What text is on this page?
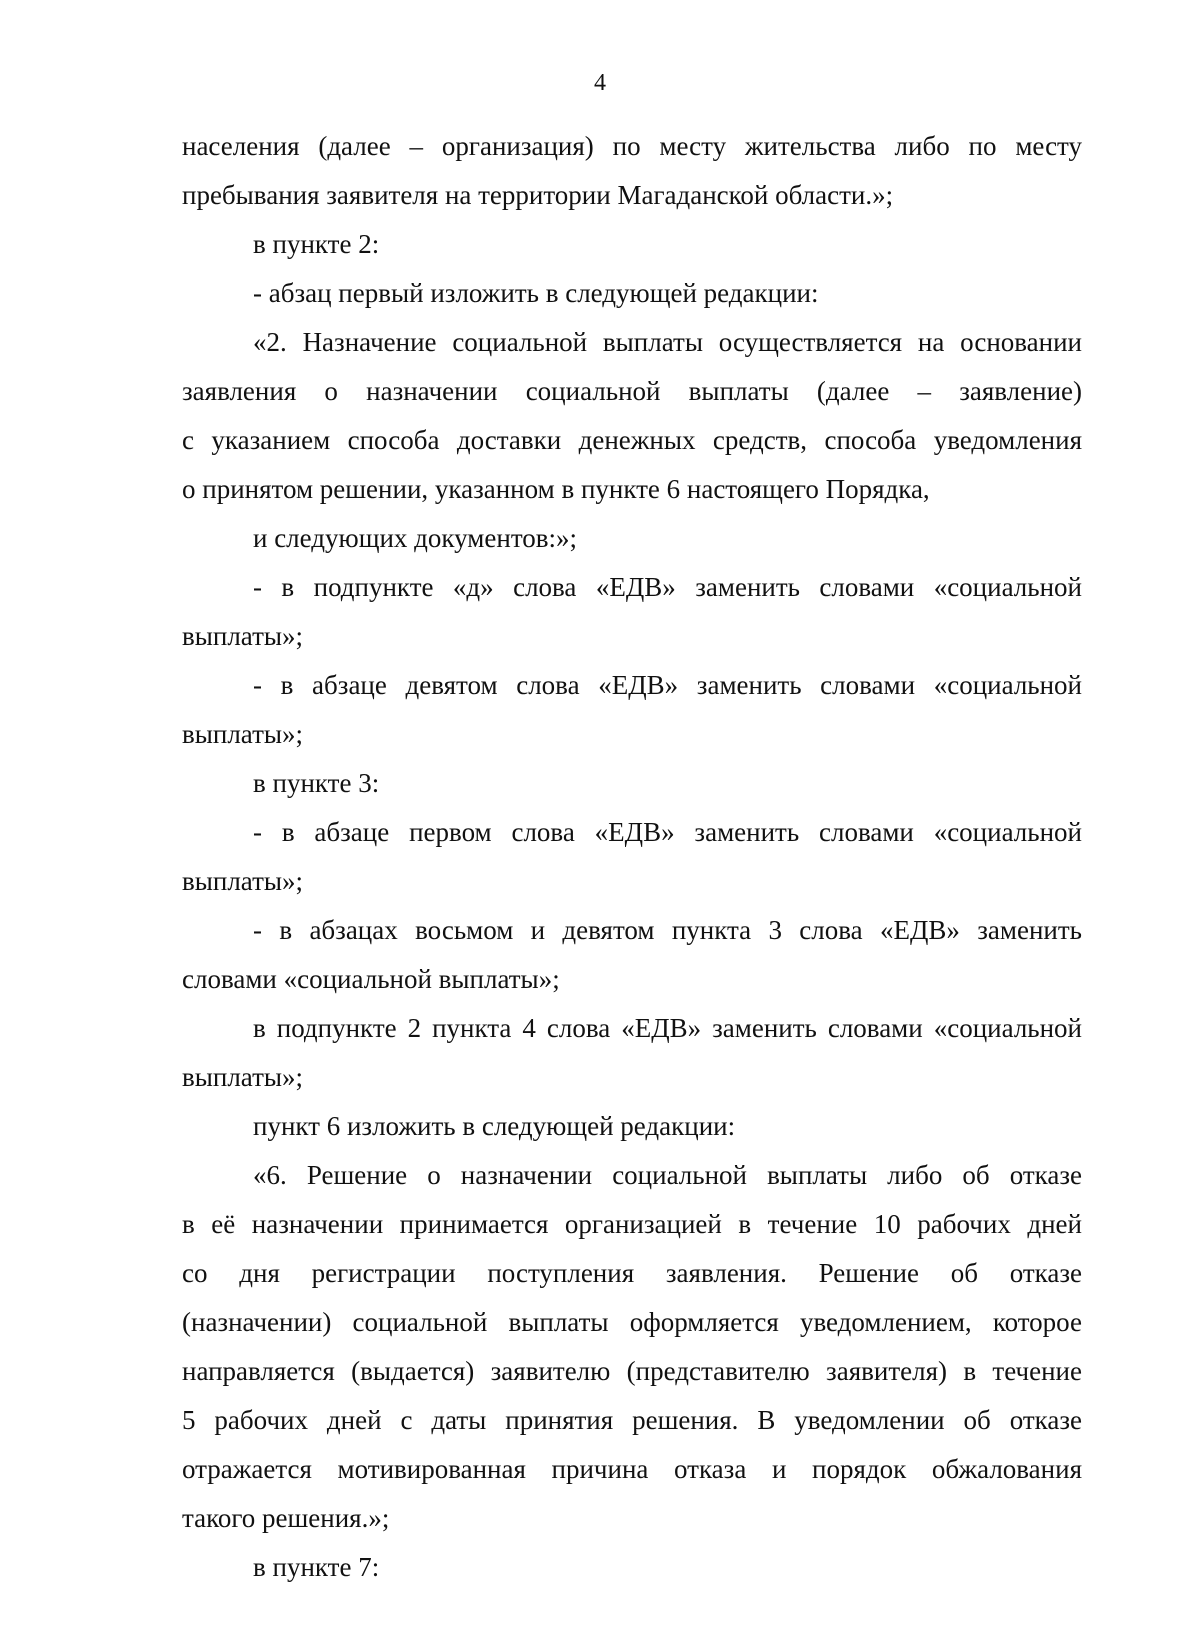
4
населения (далее – организация) по месту жительства либо по месту
пребывания заявителя на территории Магаданской области.»;
в пункте 2:
- абзац первый изложить в следующей редакции:
«2. Назначение социальной выплаты осуществляется на основании
заявления о назначении социальной выплаты (далее – заявление)
с указанием способа доставки денежных средств, способа уведомления
о принятом решении, указанном в пункте 6 настоящего Порядка,
и следующих документов:»;
- в подпункте «д» слова «ЕДВ» заменить словами «социальной
выплаты»;
- в абзаце девятом слова «ЕДВ» заменить словами «социальной
выплаты»;
в пункте 3:
- в абзаце первом слова «ЕДВ» заменить словами «социальной
выплаты»;
- в абзацах восьмом и девятом пункта 3 слова «ЕДВ» заменить
словами «социальной выплаты»;
в подпункте 2 пункта 4 слова «ЕДВ» заменить словами «социальной
выплаты»;
пункт 6 изложить в следующей редакции:
«6. Решение о назначении социальной выплаты либо об отказе
в её назначении принимается организацией в течение 10 рабочих дней
со дня регистрации поступления заявления. Решение об отказе
(назначении) социальной выплаты оформляется уведомлением, которое
направляется (выдается) заявителю (представителю заявителя) в течение
5 рабочих дней с даты принятия решения. В уведомлении об отказе
отражается мотивированная причина отказа и порядок обжалования
такого решения.»;
в пункте 7:
